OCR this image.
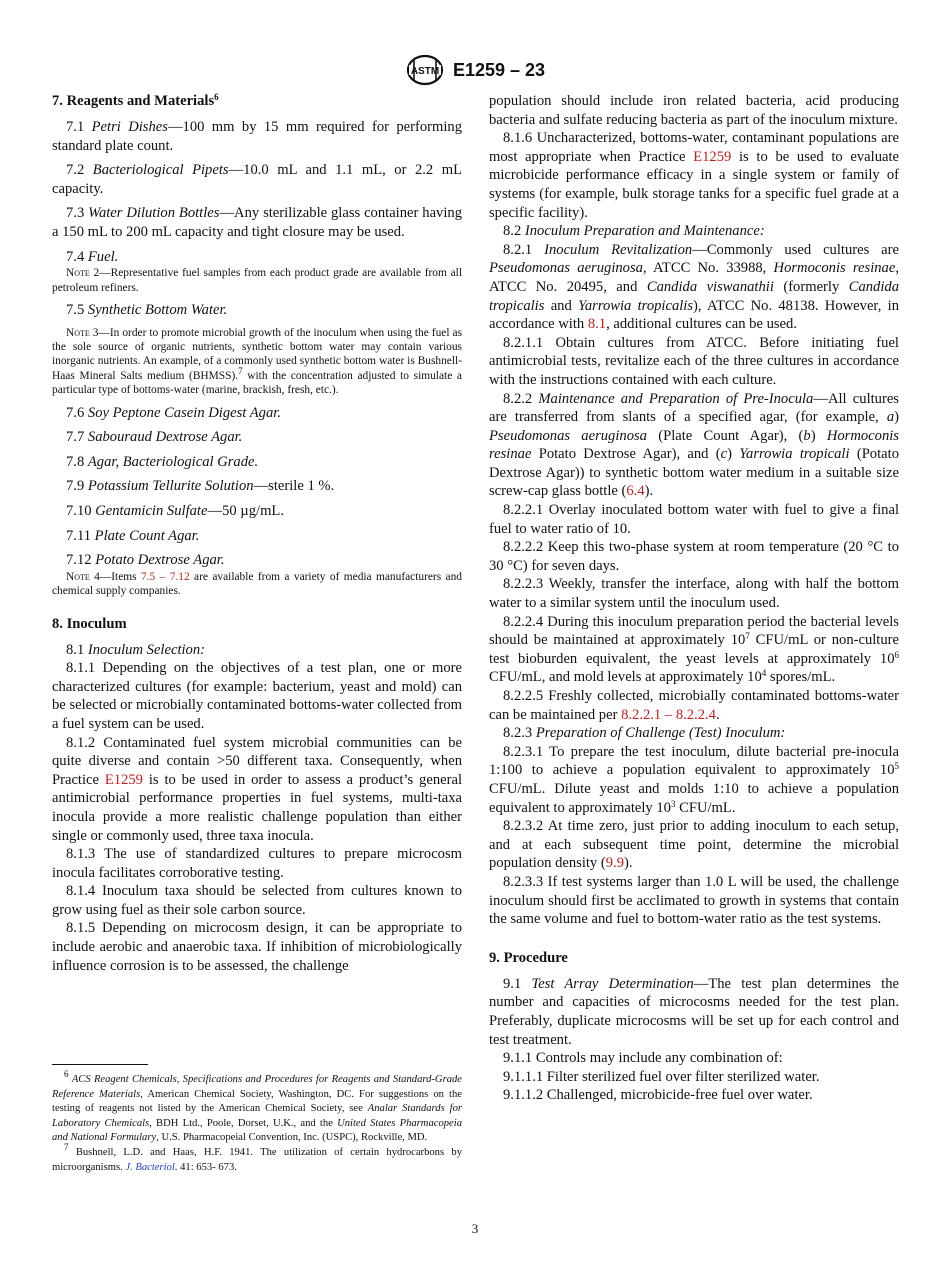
ASTM E1259 – 23
7. Reagents and Materials$^6$

7.1 Petri Dishes—100 mm by 15 mm required for performing standard plate count.

7.2 Bacteriological Pipets—10.0 mL and 1.1 mL, or 2.2 mL capacity.

7.3 Water Dilution Bottles—Any sterilizable glass container having a 150 mL to 200 mL capacity and tight closure may be used.

7.4 Fuel.

Note 2—Representative fuel samples from each product grade are available from all petroleum refiners.

7.5 Synthetic Bottom Water.

Note 3—In order to promote microbial growth of the inoculum when using the fuel as the sole source of organic nutrients, synthetic bottom water may contain various inorganic nutrients. An example, of a commonly used synthetic bottom water is Bushnell-Haas Mineral Salts medium (BHMSS).$^7$ with the concentration adjusted to simulate a particular type of bottoms-water (marine, brackish, fresh, etc.).

7.6 Soy Peptone Casein Digest Agar.

7.7 Sabouraud Dextrose Agar.

7.8 Agar, Bacteriological Grade.

7.9 Potassium Tellurite Solution—sterile 1 %.

7.10 Gentamicin Sulfate—50 µg/mL.

7.11 Plate Count Agar.

7.12 Potato Dextrose Agar.

Note 4—Items 7.5 – 7.12 are available from a variety of media manufacturers and chemical supply companies.

8. Inoculum

8.1 Inoculum Selection:

8.1.1 Depending on the objectives of a test plan, one or more characterized cultures (for example: bacterium, yeast and mold) can be selected or microbially contaminated bottoms-water collected from a fuel system can be used.

8.1.2 Contaminated fuel system microbial communities can be quite diverse and contain >50 different taxa. Consequently, when Practice E1259 is to be used in order to assess a product’s general antimicrobial performance properties in fuel systems, multi-taxa inocula provide a more realistic challenge population than either single or commonly used, three taxa inocula.

8.1.3 The use of standardized cultures to prepare microcosm inocula facilitates corroborative testing.

8.1.4 Inoculum taxa should be selected from cultures known to grow using fuel as their sole carbon source.

8.1.5 Depending on microcosm design, it can be appropriate to include aerobic and anaerobic taxa. If inhibition of microbiologically influence corrosion is to be assessed, the challenge

population should include iron related bacteria, acid producing bacteria and sulfate reducing bacteria as part of the inoculum mixture.

8.1.6 Uncharacterized, bottoms-water, contaminant populations are most appropriate when Practice E1259 is to be used to evaluate microbicide performance efficacy in a single system or family of systems (for example, bulk storage tanks for a specific fuel grade at a specific facility).

8.2 Inoculum Preparation and Maintenance:

8.2.1 Inoculum Revitalization—Commonly used cultures are Pseudomonas aeruginosa, ATCC No. 33988, Hormoconis resinae, ATCC No. 20495, and Candida viswanathii (formerly Candida tropicalis and Yarrowia tropicalis), ATCC No. 48138. However, in accordance with 8.1, additional cultures can be used.

8.2.1.1 Obtain cultures from ATCC. Before initiating fuel antimicrobial tests, revitalize each of the three cultures in accordance with the instructions contained with each culture.

8.2.2 Maintenance and Preparation of Pre-Inocula—All cultures are transferred from slants of a specified agar, (for example, a) Pseudomonas aeruginosa (Plate Count Agar), (b) Hormoconis resinae Potato Dextrose Agar), and (c) Yarrowia tropicali (Potato Dextrose Agar)) to synthetic bottom water medium in a suitable size screw-cap glass bottle (6.4).

8.2.2.1 Overlay inoculated bottom water with fuel to give a final fuel to water ratio of 10.

8.2.2.2 Keep this two-phase system at room temperature (20 °C to 30 °C) for seven days.

8.2.2.3 Weekly, transfer the interface, along with half the bottom water to a similar system until the inoculum used.

8.2.2.4 During this inoculum preparation period the bacterial levels should be maintained at approximately $10^7$ CFU/mL or non-culture test bioburden equivalent, the yeast levels at approximately $10^6$ CFU/mL, and mold levels at approximately $10^4$ spores/mL.

8.2.2.5 Freshly collected, microbially contaminated bottoms-water can be maintained per 8.2.2.1 – 8.2.2.4.

8.2.3 Preparation of Challenge (Test) Inoculum:

8.2.3.1 To prepare the test inoculum, dilute bacterial pre-inocula 1:100 to achieve a population equivalent to approximately $10^5$ CFU/mL. Dilute yeast and molds 1:10 to achieve a population equivalent to approximately $10^3$ CFU/mL.

8.2.3.2 At time zero, just prior to adding inoculum to each setup, and at each subsequent time point, determine the microbial population density (9.9).

8.2.3.3 If test systems larger than 1.0 L will be used, the challenge inoculum should first be acclimated to growth in systems that contain the same volume and fuel to bottom-water ratio as the test systems.

9. Procedure

9.1 Test Array Determination—The test plan determines the number and capacities of microcosms needed for the test plan. Preferably, duplicate microcosms will be set up for each control and test treatment.

9.1.1 Controls may include any combination of:

9.1.1.1 Filter sterilized fuel over filter sterilized water.

9.1.1.2 Challenged, microbicide-free fuel over water.

$^6$ ACS Reagent Chemicals, Specifications and Procedures for Reagents and Standard-Grade Reference Materials, American Chemical Society, Washington, DC. For suggestions on the testing of reagents not listed by the American Chemical Society, see Analar Standards for Laboratory Chemicals, BDH Ltd., Poole, Dorset, U.K., and the United States Pharmacopeia and National Formulary, U.S. Pharmacopeial Convention, Inc. (USPC), Rockville, MD.

$^7$ Bushnell, L.D. and Haas, H.F. 1941. The utilization of certain hydrocarbons by microorganisms. J. Bacteriol. 41: 653- 673.

3
